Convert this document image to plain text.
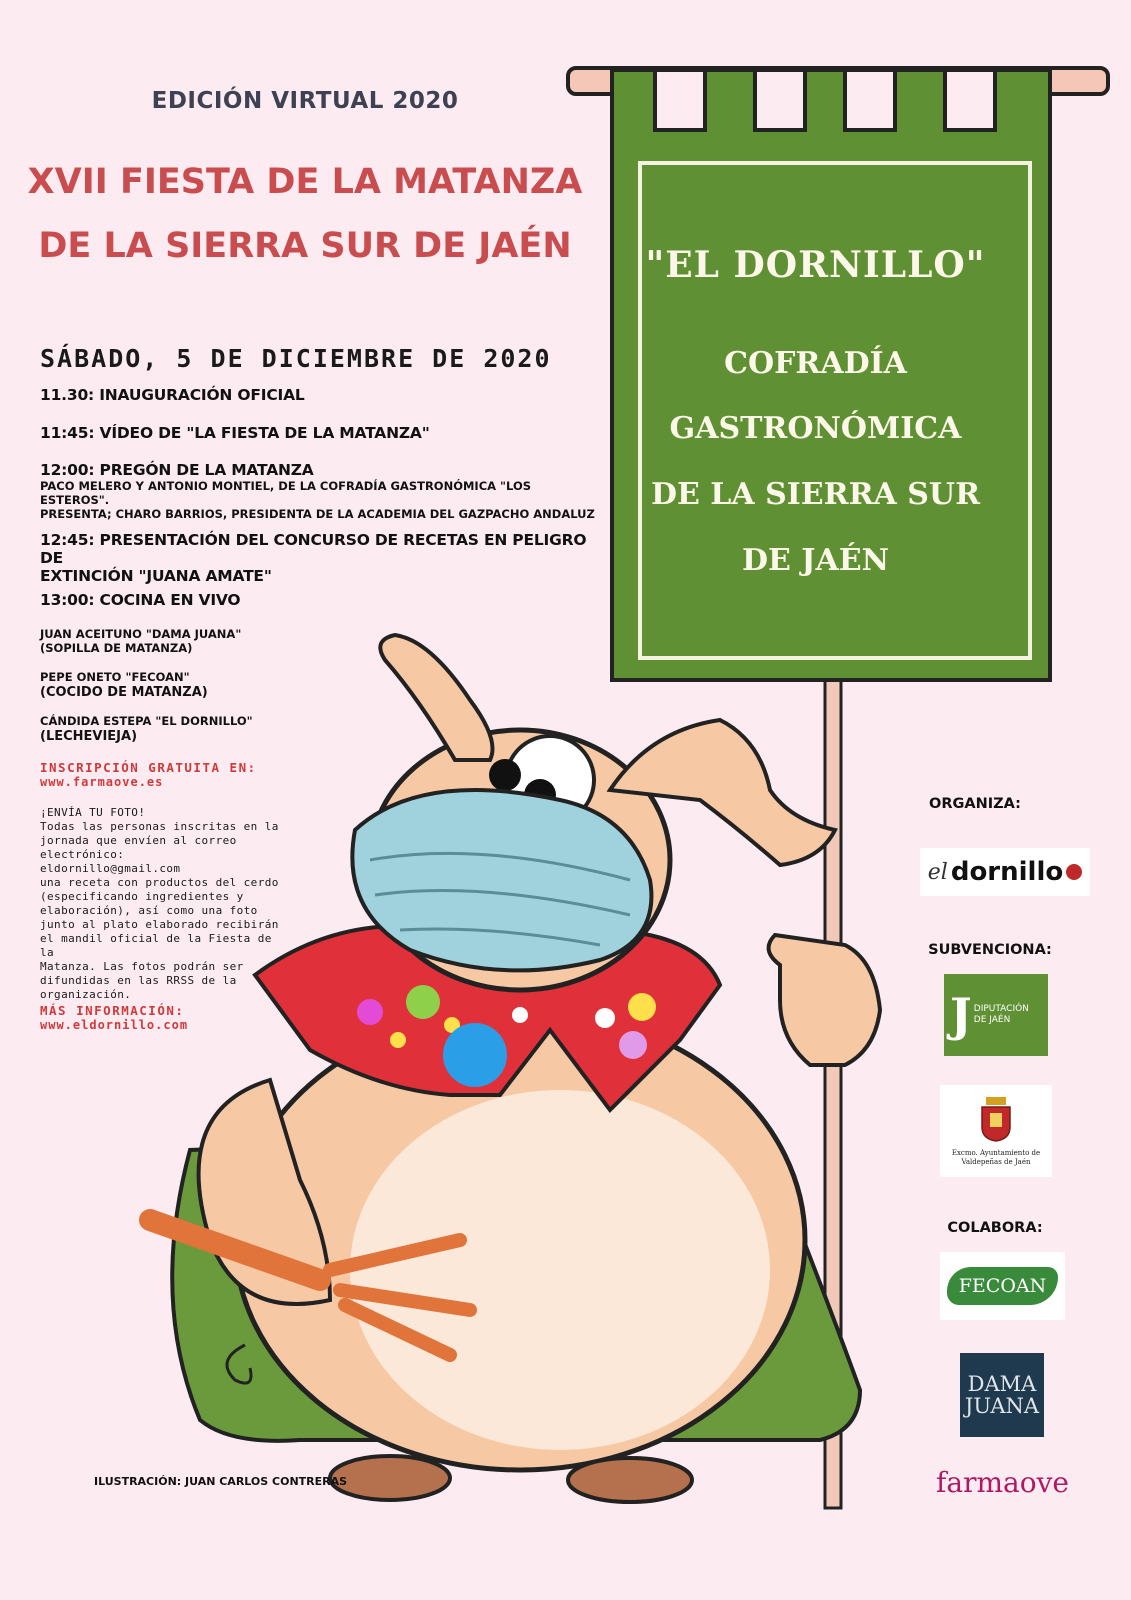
EDICIÓN VIRTUAL 2020
XVII FIESTA DE LA MATANZA
DE LA SIERRA SUR DE JAÉN
SÁBADO, 5 DE DICIEMBRE DE 2020
11.30: INAUGURACIÓN OFICIAL
11:45: VÍDEO DE "LA FIESTA DE LA MATANZA"
12:00: PREGÓN DE LA MATANZA
PACO MELERO Y ANTONIO MONTIEL, DE LA COFRADÍA GASTRONÓMICA "LOS ESTEROS".
PRESENTA; CHARO BARRIOS, PRESIDENTA DE LA ACADEMIA DEL GAZPACHO ANDALUZ
12:45: PRESENTACIÓN DEL CONCURSO DE RECETAS EN PELIGRO DE
EXTINCIÓN "JUANA AMATE"
13:00: COCINA EN VIVO
JUAN ACEITUNO "DAMA JUANA"
(SOPILLA DE MATANZA)
PEPE ONETO "FECOAN"
(COCIDO DE MATANZA)
CÁNDIDA ESTEPA "EL DORNILLO"
(LECHEVIEJA)
INSCRIPCIÓN GRATUITA EN:
www.farmaove.es

¡ENVÍA TU FOTO!

Todas las personas inscritas en la

jornada que envíen al correo

electrónico:

eldornillo@gmail.com

una receta con productos del cerdo

(especificando ingredientes y

elaboración), así como una foto

junto al plato elaborado recibirán

el mandil oficial de la Fiesta de la

Matanza. Las fotos podrán ser

difundidas en las RRSS de la

organización.

MÁS INFORMACIÓN:
www.eldornillo.com
"EL DORNILLO"
COFRADÍA
GASTRONÓMICA
DE LA SIERRA SUR
DE JAÉN
ORGANIZA:
el dornillo
SUBVENCIONA:
J DIPUTACIÓN
DE JAÉN
Excmo. Ayuntamiento de
Valdepeñas de Jaén
COLABORA:
FECOAN
DAMA
JUANA
farmaove
ILUSTRACIÓN: JUAN CARLOS CONTRERAS
